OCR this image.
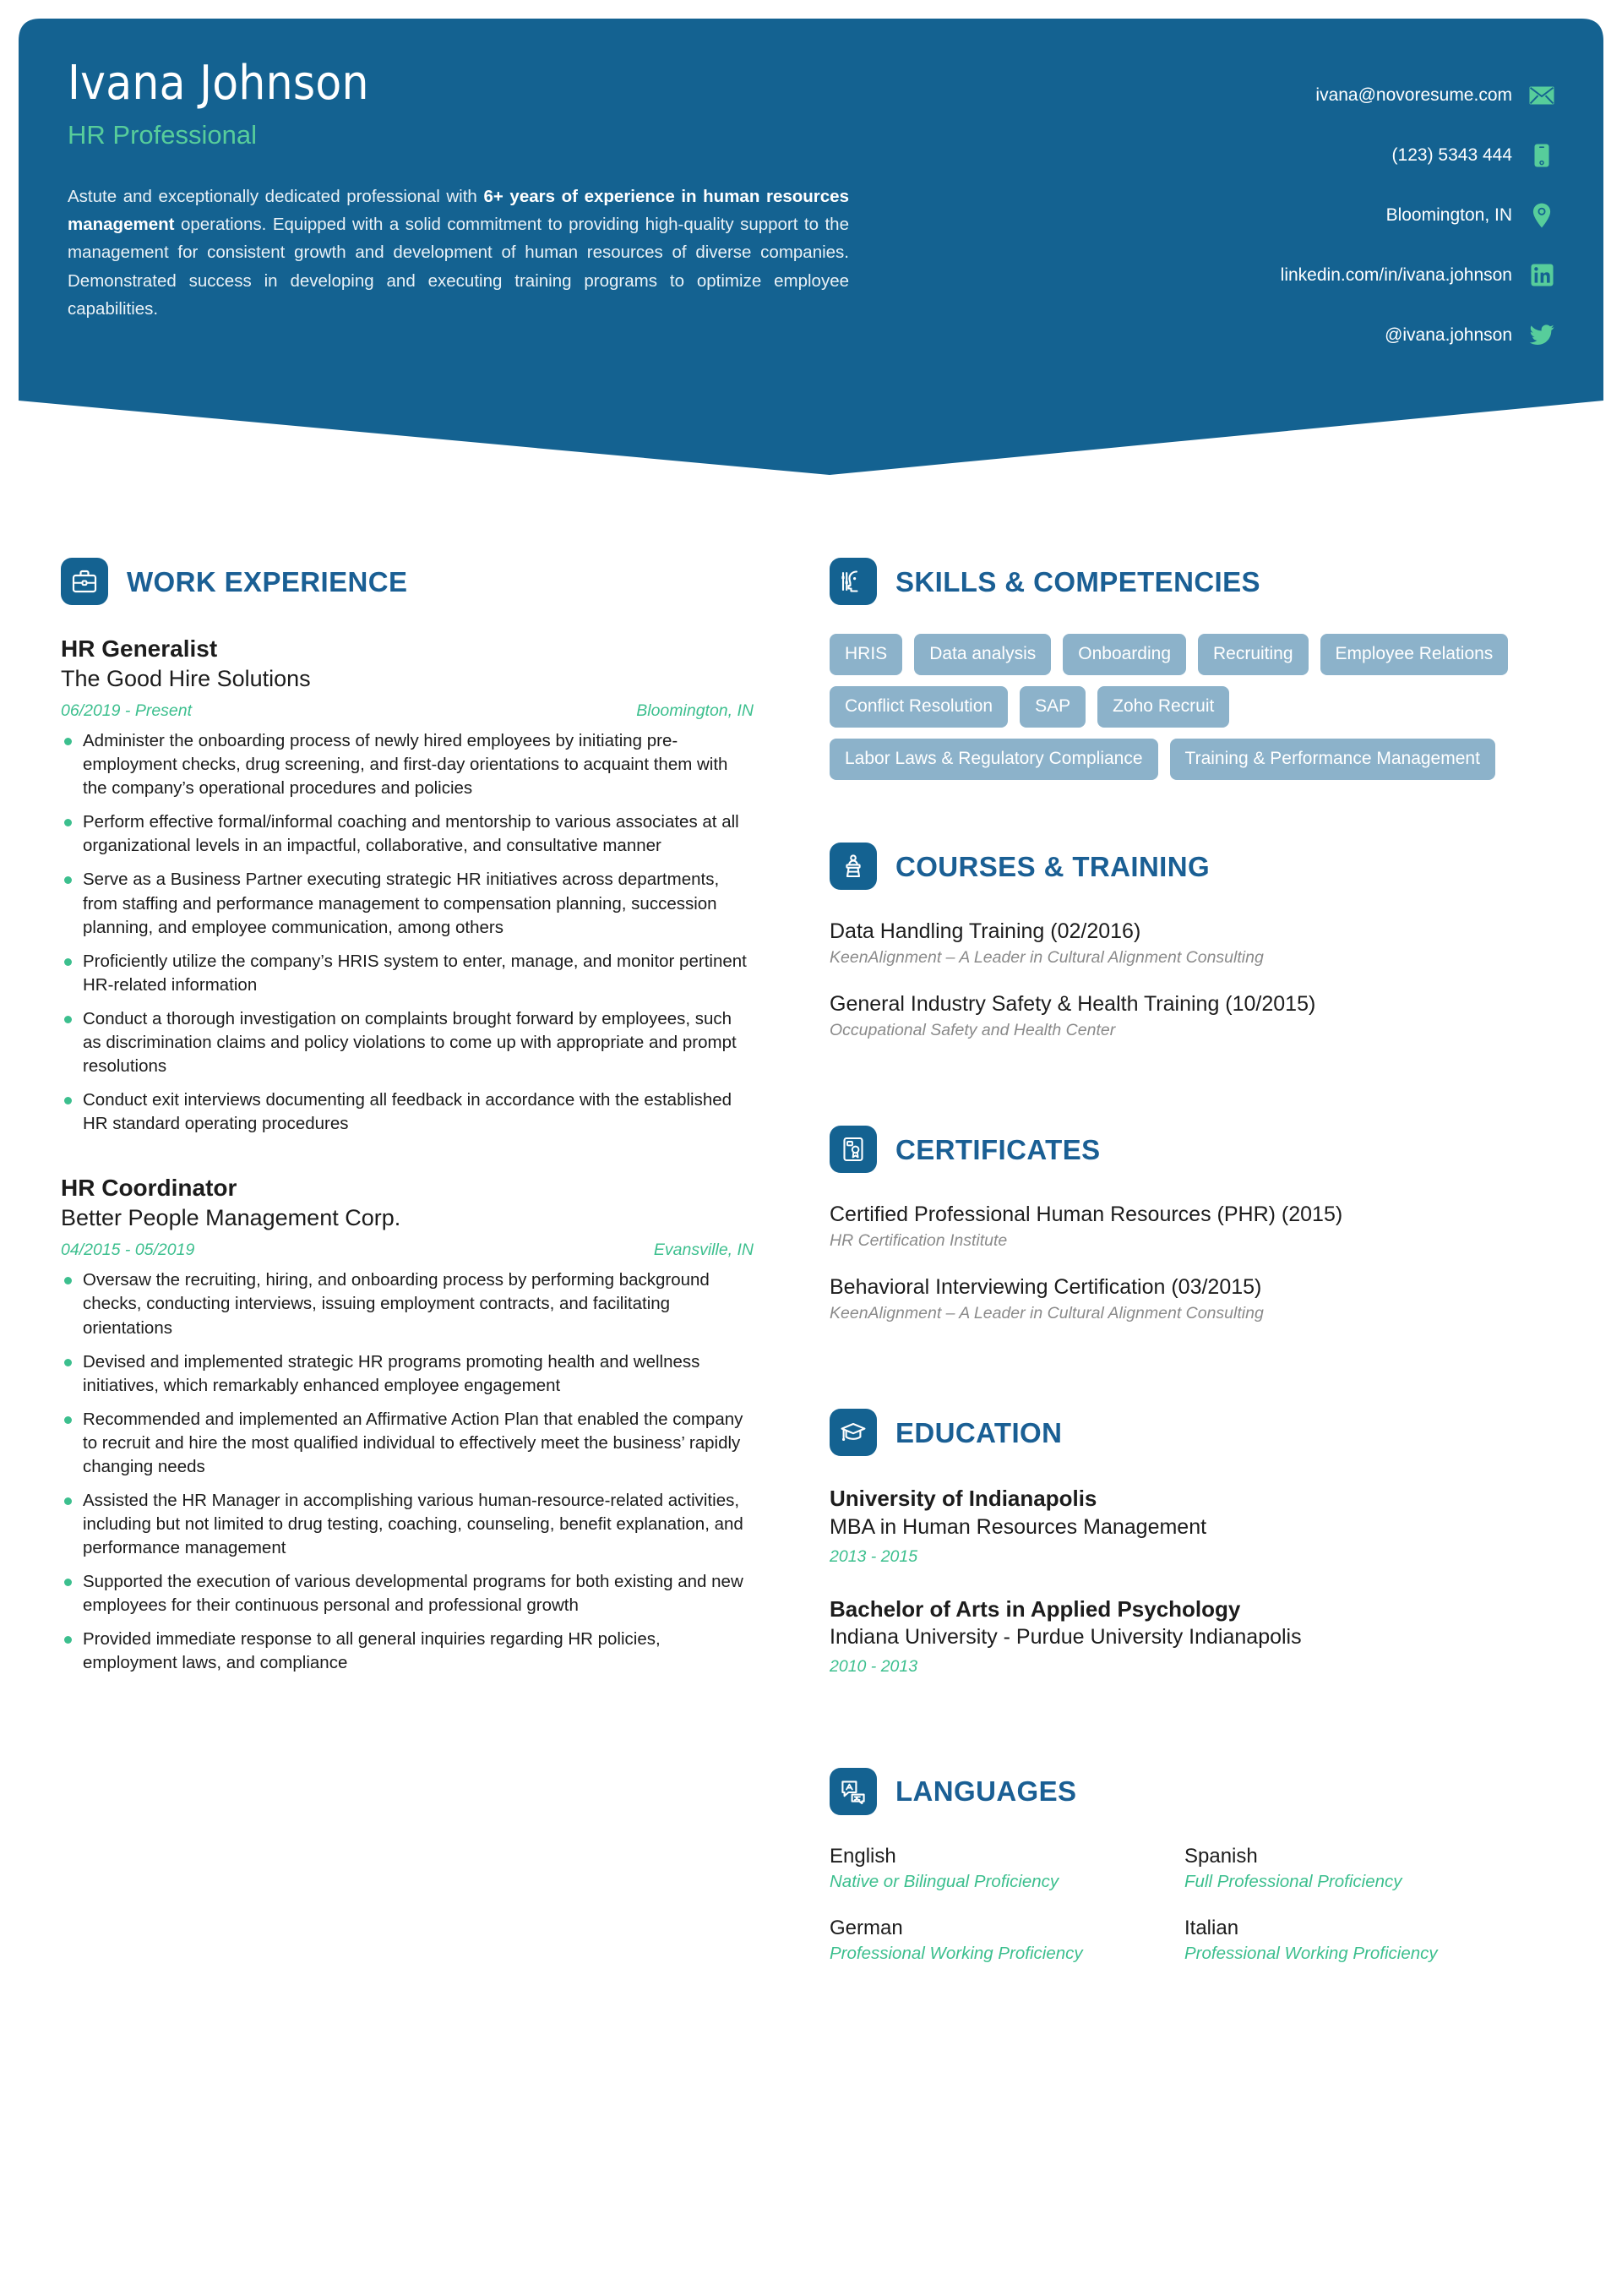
Ivana Johnson
HR Professional
Astute and exceptionally dedicated professional with 6+ years of experience in human resources management operations. Equipped with a solid commitment to providing high-quality support to the management for consistent growth and development of human resources of diverse companies. Demonstrated success in developing and executing training programs to optimize employee capabilities.
ivana@novoresume.com
(123) 5343 444
Bloomington, IN
linkedin.com/in/ivana.johnson
@ivana.johnson
WORK EXPERIENCE
HR Generalist
The Good Hire Solutions
06/2019 - Present	Bloomington, IN
Administer the onboarding process of newly hired employees by initiating pre-employment checks, drug screening, and first-day orientations to acquaint them with the company’s operational procedures and policies
Perform effective formal/informal coaching and mentorship to various associates at all organizational levels in an impactful, collaborative, and consultative manner
Serve as a Business Partner executing strategic HR initiatives across departments, from staffing and performance management to compensation planning, succession planning, and employee communication, among others
Proficiently utilize the company’s HRIS system to enter, manage, and monitor pertinent HR-related information
Conduct a thorough investigation on complaints brought forward by employees, such as discrimination claims and policy violations to come up with appropriate and prompt resolutions
Conduct exit interviews documenting all feedback in accordance with the established HR standard operating procedures
HR Coordinator
Better People Management Corp.
04/2015 - 05/2019	Evansville, IN
Oversaw the recruiting, hiring, and onboarding process by performing background checks, conducting interviews, issuing employment contracts, and facilitating orientations
Devised and implemented strategic HR programs promoting health and wellness initiatives, which remarkably enhanced employee engagement
Recommended and implemented an Affirmative Action Plan that enabled the company to recruit and hire the most qualified individual to effectively meet the business’ rapidly changing needs
Assisted the HR Manager in accomplishing various human-resource-related activities, including but not limited to drug testing, coaching, counseling, benefit explanation, and performance management
Supported the execution of various developmental programs for both existing and new employees for their continuous personal and professional growth
Provided immediate response to all general inquiries regarding HR policies, employment laws, and compliance
SKILLS & COMPETENCIES
HRIS	Data analysis	Onboarding	Recruiting	Employee Relations
Conflict Resolution	SAP	Zoho Recruit
Labor Laws & Regulatory Compliance	Training & Performance Management
COURSES & TRAINING
Data Handling Training (02/2016)
KeenAlignment – A Leader in Cultural Alignment Consulting
General Industry Safety & Health Training (10/2015)
Occupational Safety and Health Center
CERTIFICATES
Certified Professional Human Resources (PHR) (2015)
HR Certification Institute
Behavioral Interviewing Certification (03/2015)
KeenAlignment – A Leader in Cultural Alignment Consulting
EDUCATION
University of Indianapolis
MBA in Human Resources Management
2013 - 2015
Bachelor of Arts in Applied Psychology
Indiana University - Purdue University Indianapolis
2010 - 2013
LANGUAGES
English
Native or Bilingual Proficiency
Spanish
Full Professional Proficiency
German
Professional Working Proficiency
Italian
Professional Working Proficiency
